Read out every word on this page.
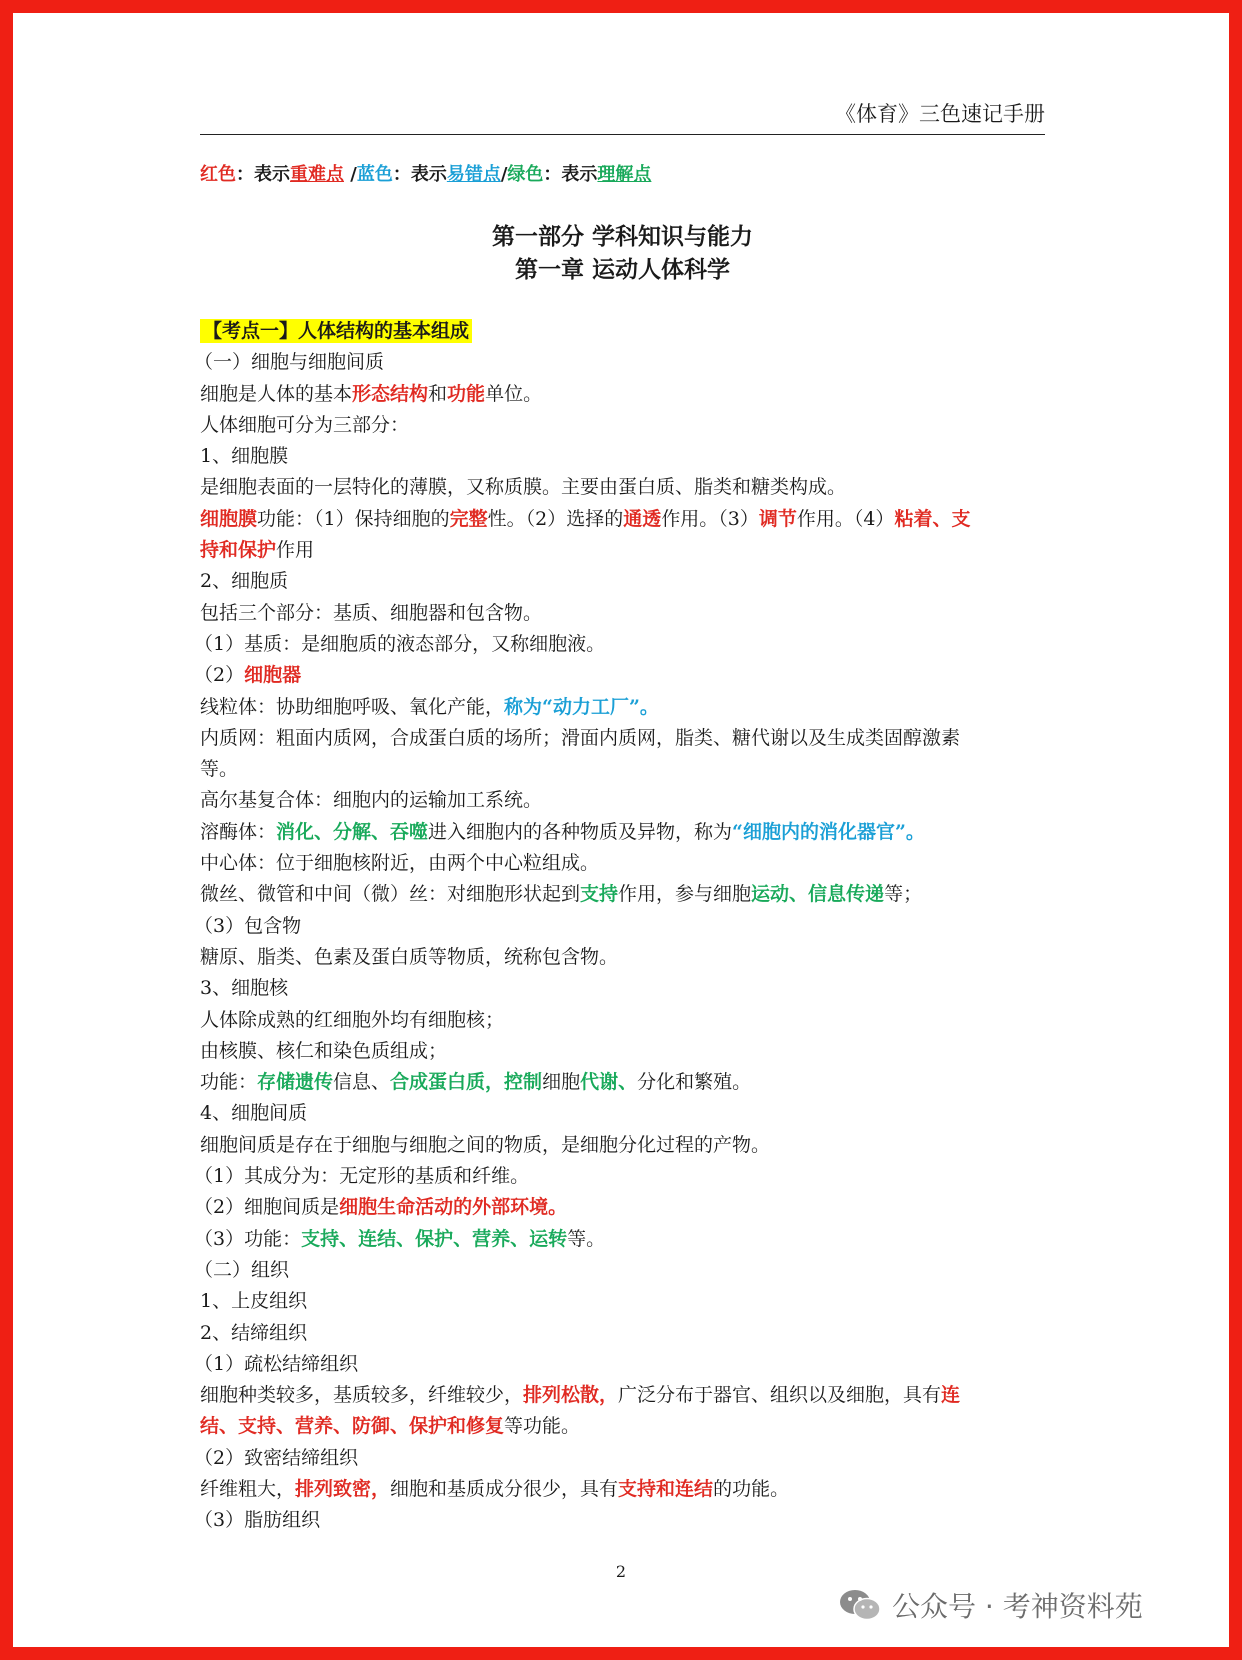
《体育》三色速记手册
红色：表示重难点 /蓝色：表示易错点/绿色：表示理解点
第一部分 学科知识与能力
第一章 运动人体科学
【考点一】人体结构的基本组成
（一）细胞与细胞间质
细胞是人体的基本形态结构和功能单位。
人体细胞可分为三部分：
1、细胞膜
是细胞表面的一层特化的薄膜，又称质膜。主要由蛋白质、脂类和糖类构成。
细胞膜功能：（1）保持细胞的完整性。（2）选择的通透作用。（3）调节作用。（4）粘着、支
持和保护作用
2、细胞质
包括三个部分：基质、细胞器和包含物。
（1）基质：是细胞质的液态部分，又称细胞液。
（2）细胞器
线粒体：协助细胞呼吸、氧化产能，称为“动力工厂”。
内质网：粗面内质网，合成蛋白质的场所；滑面内质网，脂类、糖代谢以及生成类固醇激素
等。
高尔基复合体：细胞内的运输加工系统。
溶酶体：消化、分解、吞噬进入细胞内的各种物质及异物，称为“细胞内的消化器官”。
中心体：位于细胞核附近，由两个中心粒组成。
微丝、微管和中间（微）丝：对细胞形状起到支持作用，参与细胞运动、信息传递等；
（3）包含物
糖原、脂类、色素及蛋白质等物质，统称包含物。
3、细胞核
人体除成熟的红细胞外均有细胞核；
由核膜、核仁和染色质组成；
功能：存储遗传信息、合成蛋白质，控制细胞代谢、分化和繁殖。
4、细胞间质
细胞间质是存在于细胞与细胞之间的物质，是细胞分化过程的产物。
（1）其成分为：无定形的基质和纤维。
（2）细胞间质是细胞生命活动的外部环境。
（3）功能：支持、连结、保护、营养、运转等。
（二）组织
1、上皮组织
2、结缔组织
（1）疏松结缔组织
细胞种类较多，基质较多，纤维较少，排列松散，广泛分布于器官、组织以及细胞，具有连
结、支持、营养、防御、保护和修复等功能。
（2）致密结缔组织
纤维粗大，排列致密，细胞和基质成分很少，具有支持和连结的功能。
（3）脂肪组织
2
公众号 · 考神资料苑
